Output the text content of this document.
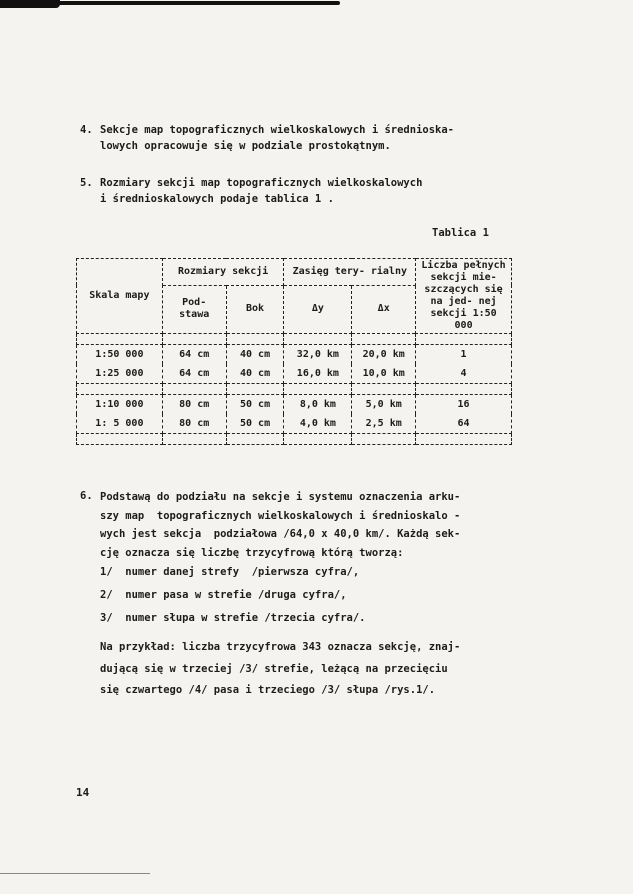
4. Sekcje map topograficznych wielkoskalowych i średnioska-
lowych opracowuje się w podziale prostokątnym.
5. Rozmiary sekcji map topograficznych wielkoskalowych
i średnioskalowych podaje tablica 1 .
Tablica 1
Skala mapy	Rozmiary sekcji		Zasięg tery- rialny		Liczba pełnych sekcji mie- szczących się na jed- nej sekcji 1:50 000
	Pod- stawa	Bok	Δy	Δx	

1:50 000	64 cm	40 cm	32,0 km	20,0 km	1
1:25 000	64 cm	40 cm	16,0 km	10,0 km	4

1:10 000	80 cm	50 cm	8,0 km	5,0 km	16
1: 5 000	80 cm	50 cm	4,0 km	2,5 km	64

6. Podstawą do podziału na sekcje i systemu oznaczenia arku-
szy map  topograficznych wielkoskalowych i średnioskalo -
wych jest sekcja  podziałowa /64,0 x 40,0 km/. Każdą sek-
cję oznacza się liczbę trzycyfrową którą tworzą:
1/  numer danej strefy  /pierwsza cyfra/,
2/  numer pasa w strefie /druga cyfra/,
3/  numer słupa w strefie /trzecia cyfra/.
Na przykład: liczba trzycyfrowa 343 oznacza sekcję, znaj-
dującą się w trzeciej /3/ strefie, leżącą na przecięciu
się czwartego /4/ pasa i trzeciego /3/ słupa /rys.1/.
14
